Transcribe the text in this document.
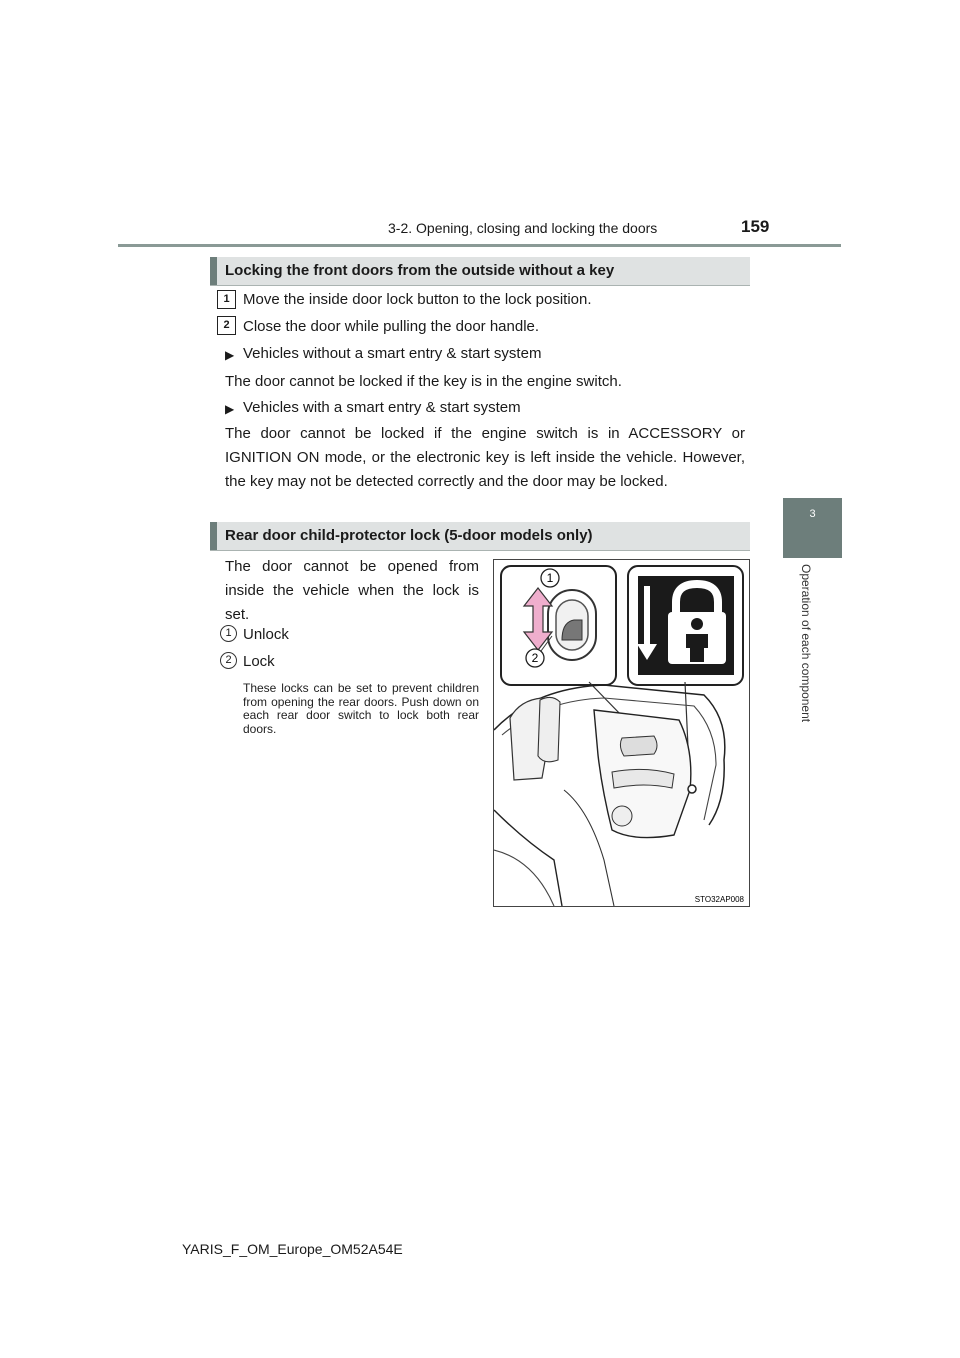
3-2. Opening, closing and locking the doors	159
3
Operation of each component
Locking the front doors from the outside without a key
1 Move the inside door lock button to the lock position.
2 Close the door while pulling the door handle.
▶ Vehicles without a smart entry & start system
The door cannot be locked if the key is in the engine switch.
▶ Vehicles with a smart entry & start system
The door cannot be locked if the engine switch is in ACCESSORY or IGNITION ON mode, or the electronic key is left inside the vehicle. However, the key may not be detected correctly and the door may be locked.
Rear door child-protector lock (5-door models only)
The door cannot be opened from inside the vehicle when the lock is set.
1 Unlock
2 Lock
These locks can be set to prevent children from opening the rear doors. Push down on each rear door switch to lock both rear doors.
1
2
STO32AP008
YARIS_F_OM_Europe_OM52A54E
